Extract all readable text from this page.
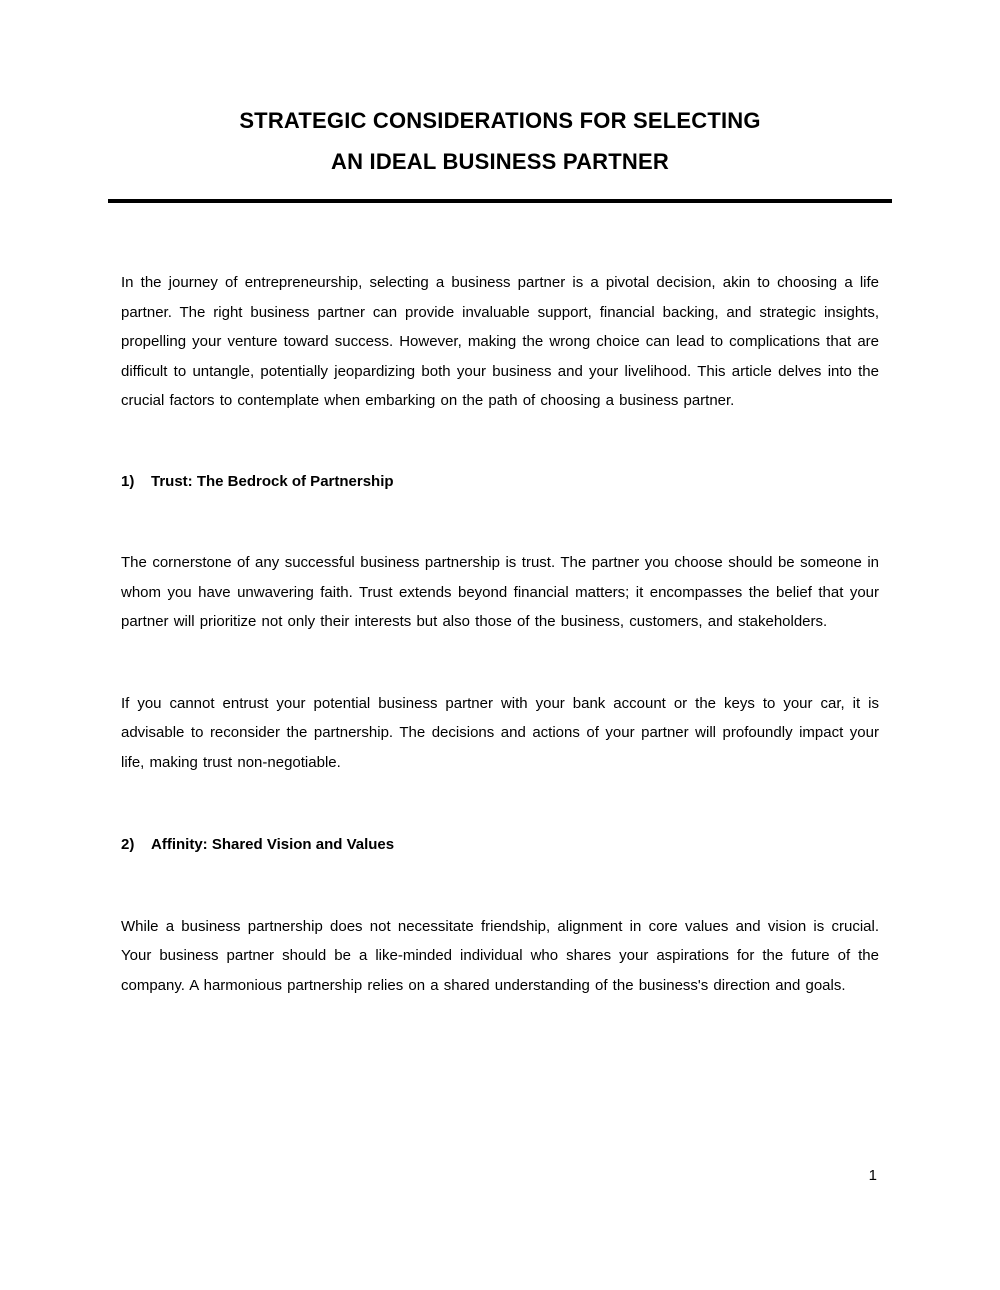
STRATEGIC CONSIDERATIONS FOR SELECTING
AN IDEAL BUSINESS PARTNER

In the journey of entrepreneurship, selecting a business partner is a pivotal decision, akin to choosing a life partner. The right business partner can provide invaluable support, financial backing, and strategic insights, propelling your venture toward success. However, making the wrong choice can lead to complications that are difficult to untangle, potentially jeopardizing both your business and your livelihood. This article delves into the crucial factors to contemplate when embarking on the path of choosing a business partner.

1)	Trust: The Bedrock of Partnership

The cornerstone of any successful business partnership is trust. The partner you choose should be someone in whom you have unwavering faith. Trust extends beyond financial matters; it encompasses the belief that your partner will prioritize not only their interests but also those of the business, customers, and stakeholders.

If you cannot entrust your potential business partner with your bank account or the keys to your car, it is advisable to reconsider the partnership. The decisions and actions of your partner will profoundly impact your life, making trust non-negotiable.

2)	Affinity: Shared Vision and Values

While a business partnership does not necessitate friendship, alignment in core values and vision is crucial. Your business partner should be a like-minded individual who shares your aspirations for the future of the company. A harmonious partnership relies on a shared understanding of the business's direction and goals.

1
